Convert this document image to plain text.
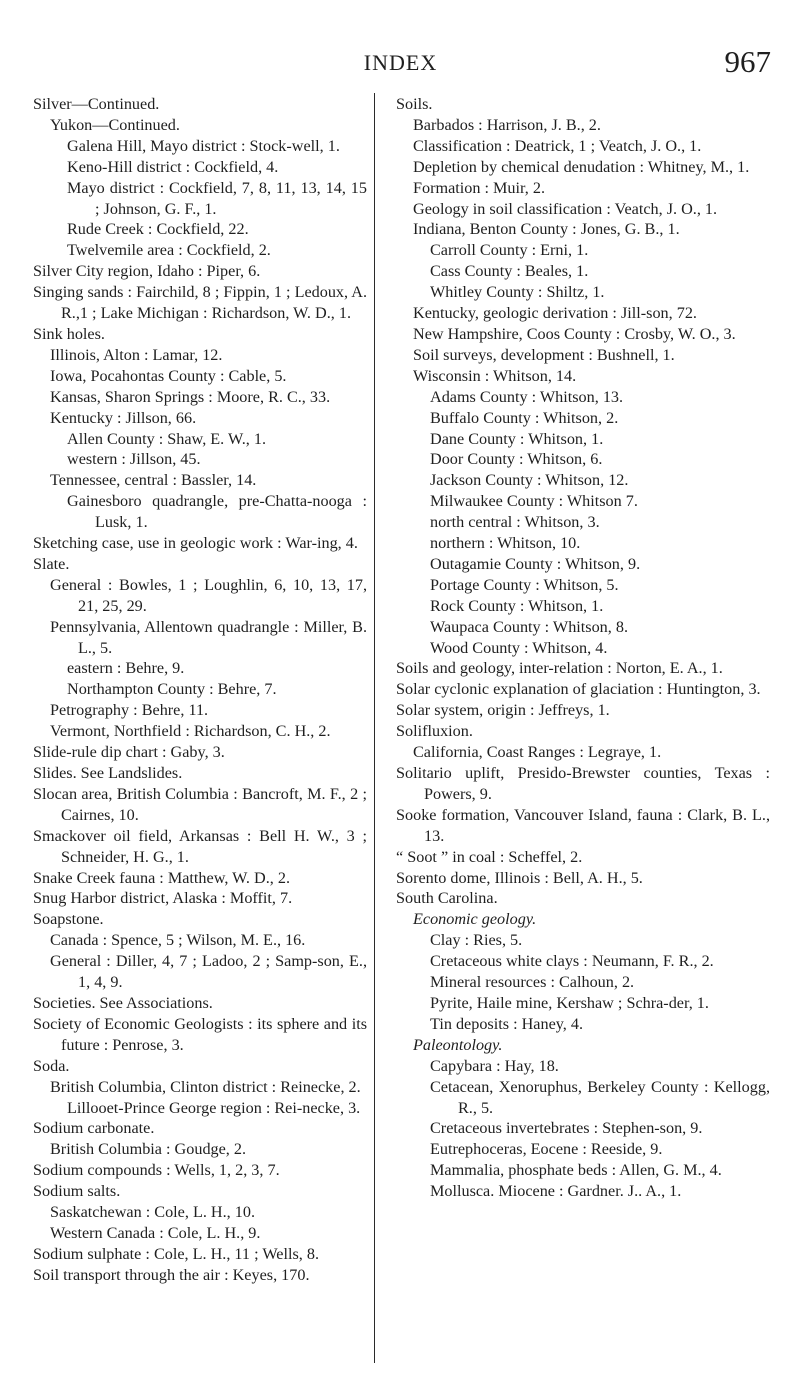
INDEX	967
Silver—Continued.
Yukon—Continued.
Galena Hill, Mayo district : Stock-well, 1.
Keno-Hill district : Cockfield, 4.
Mayo district : Cockfield, 7, 8, 11, 13, 14, 15 ; Johnson, G. F., 1.
Rude Creek : Cockfield, 22.
Twelvemile area : Cockfield, 2.
Silver City region, Idaho : Piper, 6.
Singing sands : Fairchild, 8 ; Fippin, 1 ; Ledoux, A. R.,1 ; Lake Michigan : Richardson, W. D., 1.
Sink holes.
Illinois, Alton : Lamar, 12.
Iowa, Pocahontas County : Cable, 5.
Kansas, Sharon Springs : Moore, R. C., 33.
Kentucky : Jillson, 66.
Allen County : Shaw, E. W., 1.
western : Jillson, 45.
Tennessee, central : Bassler, 14.
Gainesboro quadrangle, pre-Chatta-nooga : Lusk, 1.
Sketching case, use in geologic work : War-ing, 4.
Slate.
General : Bowles, 1 ; Loughlin, 6, 10, 13, 17, 21, 25, 29.
Pennsylvania, Allentown quadrangle : Miller, B. L., 5.
eastern : Behre, 9.
Northampton County : Behre, 7.
Petrography : Behre, 11.
Vermont, Northfield : Richardson, C. H., 2.
Slide-rule dip chart : Gaby, 3.
Slides. See Landslides.
Slocan area, British Columbia : Bancroft, M. F., 2 ; Cairnes, 10.
Smackover oil field, Arkansas : Bell H. W., 3 ; Schneider, H. G., 1.
Snake Creek fauna : Matthew, W. D., 2.
Snug Harbor district, Alaska : Moffit, 7.
Soapstone.
Canada : Spence, 5 ; Wilson, M. E., 16.
General : Diller, 4, 7 ; Ladoo, 2 ; Samp-son, E., 1, 4, 9.
Societies. See Associations.
Society of Economic Geologists : its sphere and its future : Penrose, 3.
Soda.
British Columbia, Clinton district : Reinecke, 2.
Lillooet-Prince George region : Rei-necke, 3.
Sodium carbonate.
British Columbia : Goudge, 2.
Sodium compounds : Wells, 1, 2, 3, 7.
Sodium salts.
Saskatchewan : Cole, L. H., 10.
Western Canada : Cole, L. H., 9.
Sodium sulphate : Cole, L. H., 11 ; Wells, 8.
Soil transport through the air : Keyes, 170.
Soils.
Barbados : Harrison, J. B., 2.
Classification : Deatrick, 1 ; Veatch, J. O., 1.
Depletion by chemical denudation : Whitney, M., 1.
Formation : Muir, 2.
Geology in soil classification : Veatch, J. O., 1.
Indiana, Benton County : Jones, G. B., 1.
Carroll County : Erni, 1.
Cass County : Beales, 1.
Whitley County : Shiltz, 1.
Kentucky, geologic derivation : Jill-son, 72.
New Hampshire, Coos County : Crosby, W. O., 3.
Soil surveys, development : Bushnell, 1.
Wisconsin : Whitson, 14.
Adams County : Whitson, 13.
Buffalo County : Whitson, 2.
Dane County : Whitson, 1.
Door County : Whitson, 6.
Jackson County : Whitson, 12.
Milwaukee County : Whitson 7.
north central : Whitson, 3.
northern : Whitson, 10.
Outagamie County : Whitson, 9.
Portage County : Whitson, 5.
Rock County : Whitson, 1.
Waupaca County : Whitson, 8.
Wood County : Whitson, 4.
Soils and geology, inter-relation : Norton, E. A., 1.
Solar cyclonic explanation of glaciation : Huntington, 3.
Solar system, origin : Jeffreys, 1.
Solifluxion.
California, Coast Ranges : Legraye, 1.
Solitario uplift, Presido-Brewster counties, Texas : Powers, 9.
Sooke formation, Vancouver Island, fauna : Clark, B. L., 13.
“ Soot ” in coal : Scheffel, 2.
Sorento dome, Illinois : Bell, A. H., 5.
South Carolina.
Economic geology.
Clay : Ries, 5.
Cretaceous white clays : Neumann, F. R., 2.
Mineral resources : Calhoun, 2.
Pyrite, Haile mine, Kershaw ; Schra-der, 1.
Tin deposits : Haney, 4.
Paleontology.
Capybara : Hay, 18.
Cetacean, Xenoruphus, Berkeley County : Kellogg, R., 5.
Cretaceous invertebrates : Stephen-son, 9.
Eutrephoceras, Eocene : Reeside, 9.
Mammalia, phosphate beds : Allen, G. M., 4.
Mollusca. Miocene : Gardner. J.. A., 1.
